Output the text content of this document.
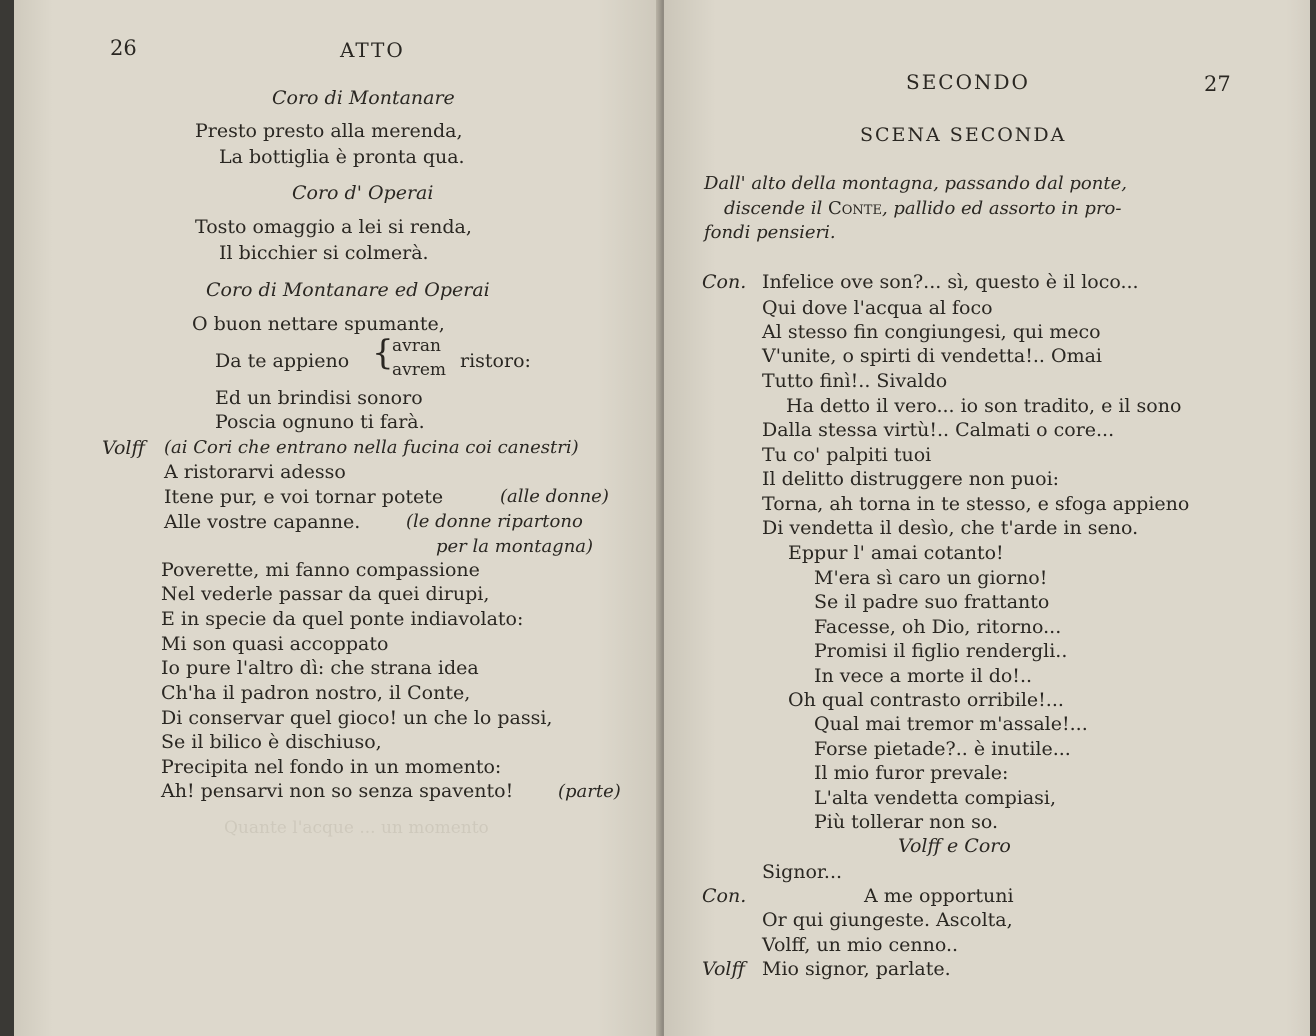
Quante l'acque ... un momento
26	ATTO
Coro di Montanare
Presto presto alla merenda,
La bottiglia è pronta qua.
Coro d' Operai
Tosto omaggio a lei si renda,
Il bicchier si colmerà.
Coro di Montanare ed Operai
O buon nettare spumante,
Da te appieno {
avran
avrem ristoro:
Ed un brindisi sonoro
Poscia ognuno ti farà.
Volff (ai Cori che entrano nella fucina coi canestri)
A ristorarvi adesso
Itene pur, e voi tornar potete	(alle donne)
Alle vostre capanne.	(le donne ripartono
per la montagna)
Poverette, mi fanno compassione
Nel vederle passar da quei dirupi,
E in specie da quel ponte indiavolato:
Mi son quasi accoppato
Io pure l'altro dì: che strana idea
Ch'ha il padron nostro, il Conte,
Di conservar quel gioco! un che lo passi,
Se il bilico è dischiuso,
Precipita nel fondo in un momento:
Ah! pensarvi non so senza spavento! (parte)
SECONDO	27
SCENA SECONDA
Dall' alto della montagna, passando dal ponte,
discende il Conte, pallido ed assorto in pro-
fondi pensieri.
Con. Infelice ove son?... sì, questo è il loco...
Qui dove l'acqua al foco
Al stesso fin congiungesi, qui meco
V'unite, o spirti di vendetta!.. Omai
Tutto finì!.. Sivaldo
Ha detto il vero... io son tradito, e il sono
Dalla stessa virtù!.. Calmati o core...
Tu co' palpiti tuoi
Il delitto distruggere non puoi:
Torna, ah torna in te stesso, e sfoga appieno
Di vendetta il desìo, che t'arde in seno.
Eppur l' amai cotanto!
M'era sì caro un giorno!
Se il padre suo frattanto
Facesse, oh Dio, ritorno...
Promisi il figlio rendergli..
In vece a morte il do!..
Oh qual contrasto orribile!...
Qual mai tremor m'assale!...
Forse pietade?.. è inutile...
Il mio furor prevale:
L'alta vendetta compiasi,
Più tollerar non so.
Volff e Coro
Signor...
Con.	A me opportuni
Or qui giungeste. Ascolta,
Volff, un mio cenno..
Volff Mio signor, parlate.
